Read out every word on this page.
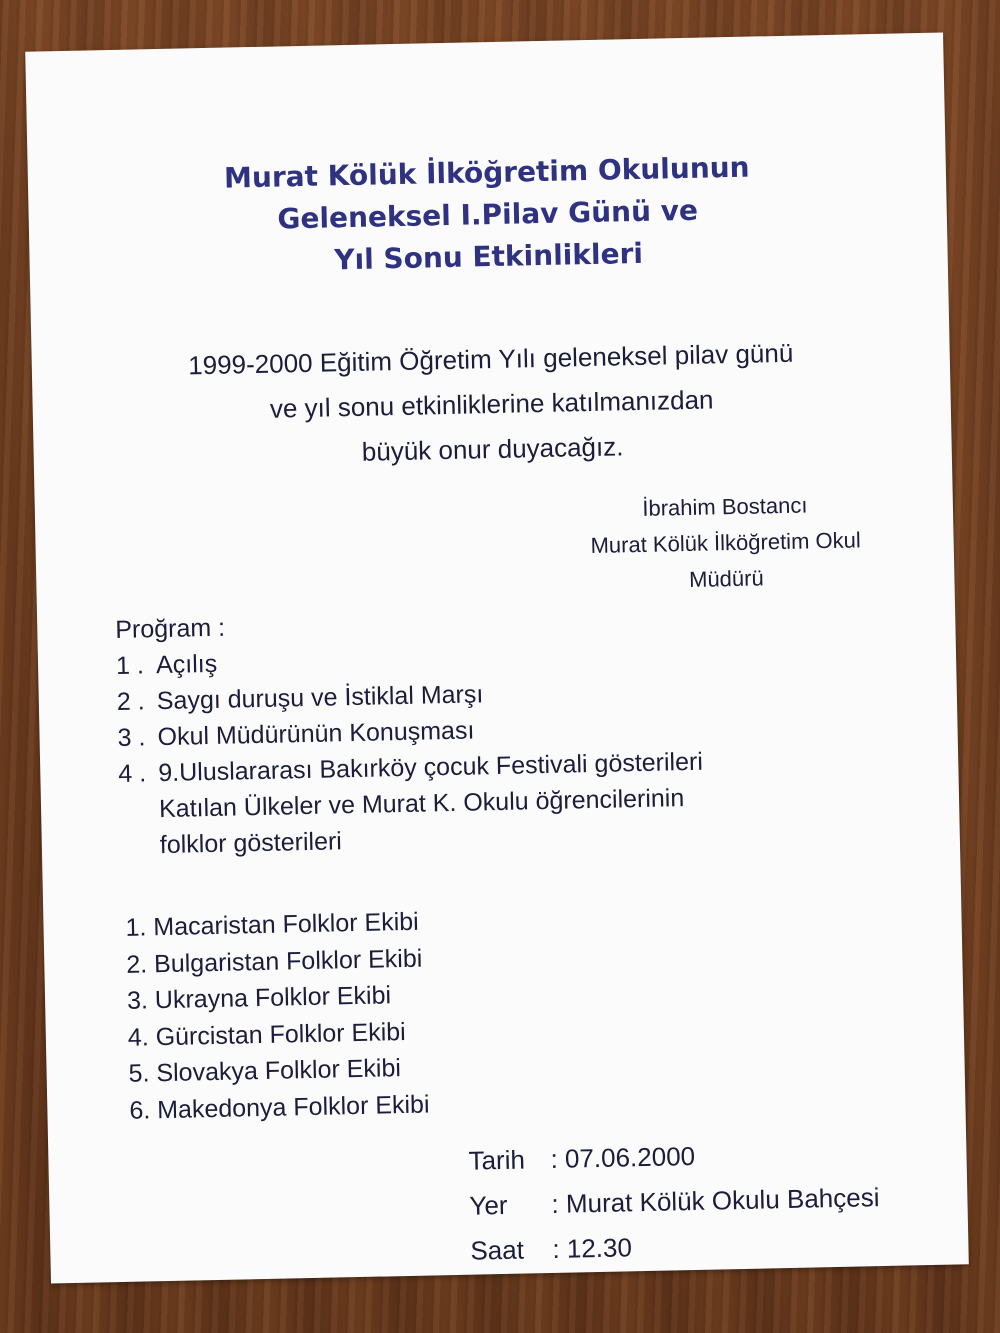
Murat Kölük İlköğretim Okulunun
Geleneksel I.Pilav Günü ve
Yıl Sonu Etkinlikleri
1999-2000 Eğitim Öğretim Yılı geleneksel pilav günü
ve yıl sonu etkinliklerine katılmanızdan
büyük onur duyacağız.
İbrahim Bostancı
Murat Kölük İlköğretim Okul
Müdürü
Proğram :
1 . Açılış
2 . Saygı duruşu ve İstiklal Marşı
3 . Okul Müdürünün Konuşması
4 . 9.Uluslararası Bakırköy çocuk Festivali gösterileri
Katılan Ülkeler ve Murat K. Okulu öğrencilerinin
folklor gösterileri
1. Macaristan Folklor Ekibi
2. Bulgaristan Folklor Ekibi
3. Ukrayna Folklor Ekibi
4. Gürcistan Folklor Ekibi
5. Slovakya Folklor Ekibi
6. Makedonya Folklor Ekibi
Tarih : 07.06.2000
Yer : Murat Kölük Okulu Bahçesi
Saat : 12.30
